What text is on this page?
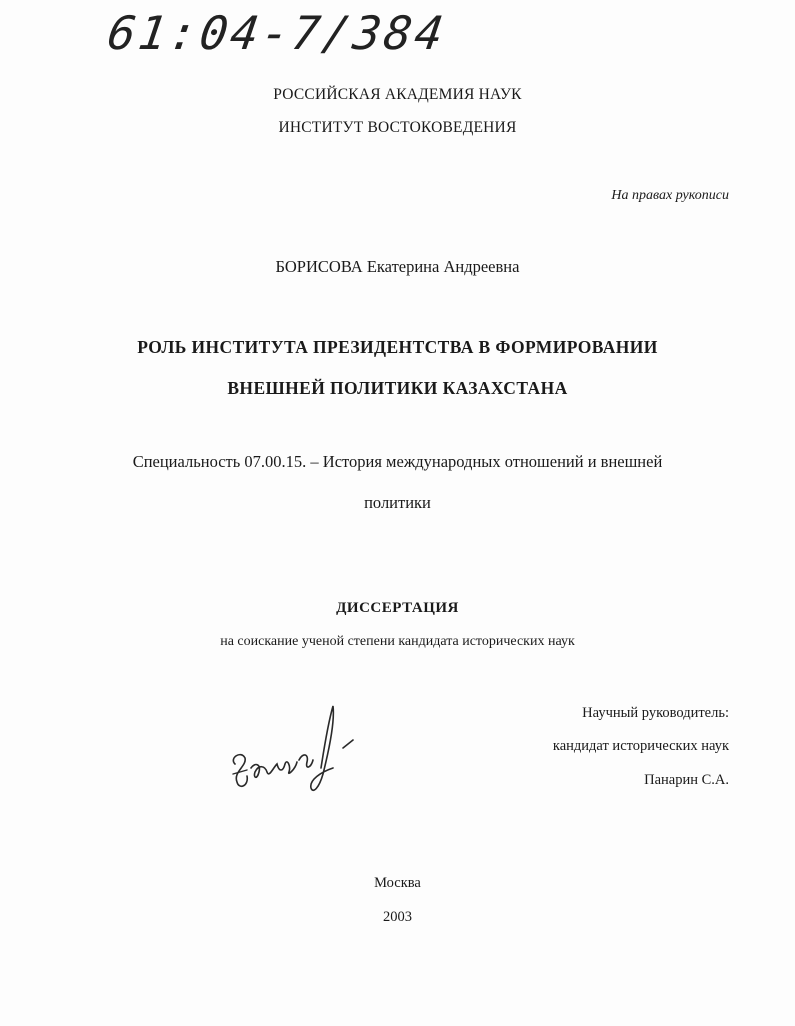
61:04-7/384
РОССИЙСКАЯ АКАДЕМИЯ НАУК
ИНСТИТУТ ВОСТОКОВЕДЕНИЯ
На правах рукописи
БОРИСОВА Екатерина Андреевна
РОЛЬ ИНСТИТУТА ПРЕЗИДЕНТСТВА В ФОРМИРОВАНИИ
ВНЕШНЕЙ ПОЛИТИКИ КАЗАХСТАНА
Специальность 07.00.15. – История международных отношений и внешней
политики
ДИССЕРТАЦИЯ
на соискание ученой степени кандидата исторических наук
Научный руководитель:
кандидат исторических наук
Панарин С.А.
Москва
2003
